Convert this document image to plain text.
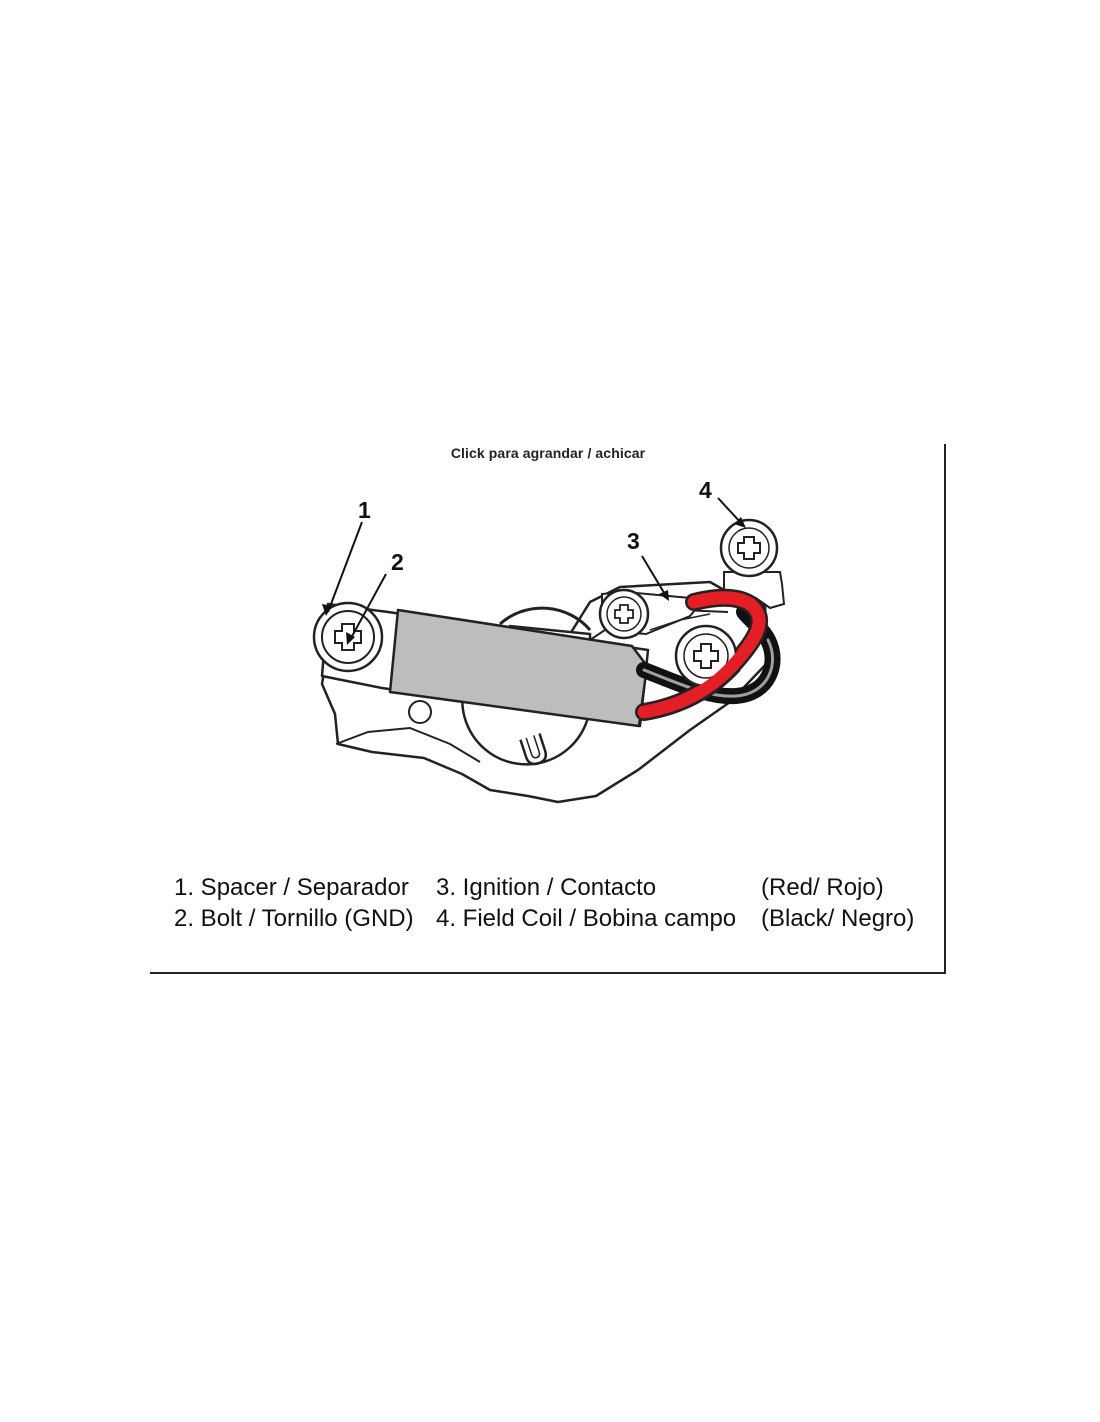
Click para agrandar / achicar
1
2
3
4
1. Spacer / Separador 3. Ignition / Contacto	(Red/ Rojo)
2. Bolt / Tornillo (GND) 4. Field Coil / Bobina campo (Black/ Negro)
